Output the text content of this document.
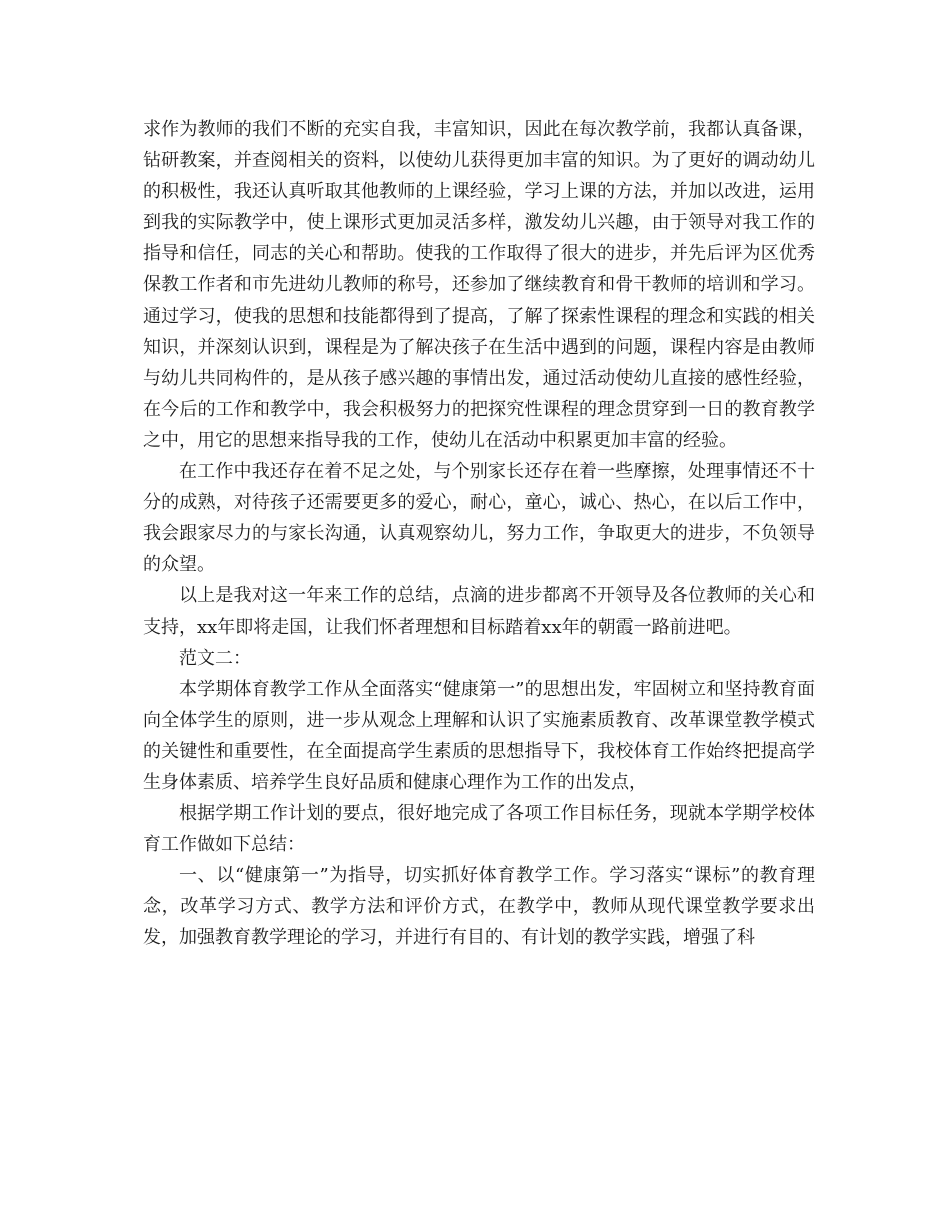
求作为教师的我们不断的充实自我，丰富知识，因此在每次教学前，我都认真备课，钻研教案，并查阅相关的资料，以使幼儿获得更加丰富的知识。为了更好的调动幼儿的积极性，我还认真听取其他教师的上课经验，学习上课的方法，并加以改进，运用到我的实际教学中，使上课形式更加灵活多样，激发幼儿兴趣，由于领导对我工作的指导和信任，同志的关心和帮助。使我的工作取得了很大的进步，并先后评为区优秀保教工作者和市先进幼儿教师的称号，还参加了继续教育和骨干教师的培训和学习。通过学习，使我的思想和技能都得到了提高，了解了探索性课程的理念和实践的相关知识，并深刻认识到，课程是为了解决孩子在生活中遇到的问题，课程内容是由教师与幼儿共同构件的，是从孩子感兴趣的事情出发，通过活动使幼儿直接的感性经验，在今后的工作和教学中，我会积极努力的把探究性课程的理念贯穿到一日的教育教学之中，用它的思想来指导我的工作，使幼儿在活动中积累更加丰富的经验。

在工作中我还存在着不足之处，与个别家长还存在着一些摩擦，处理事情还不十分的成熟，对待孩子还需要更多的爱心，耐心，童心，诚心、热心，在以后工作中，我会跟家尽力的与家长沟通，认真观察幼儿，努力工作，争取更大的进步，不负领导的众望。

以上是我对这一年来工作的总结，点滴的进步都离不开领导及各位教师的关心和支持，xx年即将走国，让我们怀者理想和目标踏着xx年的朝霞一路前进吧。

范文二：

本学期体育教学工作从全面落实“健康第一”的思想出发，牢固树立和坚持教育面向全体学生的原则，进一步从观念上理解和认识了实施素质教育、改革课堂教学模式的关键性和重要性，在全面提高学生素质的思想指导下，我校体育工作始终把提高学生身体素质、培养学生良好品质和健康心理作为工作的出发点，

根据学期工作计划的要点，很好地完成了各项工作目标任务，现就本学期学校体育工作做如下总结：

一、以“健康第一”为指导，切实抓好体育教学工作。学习落实“课标”的教育理念，改革学习方式、教学方法和评价方式，在教学中，教师从现代课堂教学要求出发，加强教育教学理论的学习，并进行有目的、有计划的教学实践，增强了科
